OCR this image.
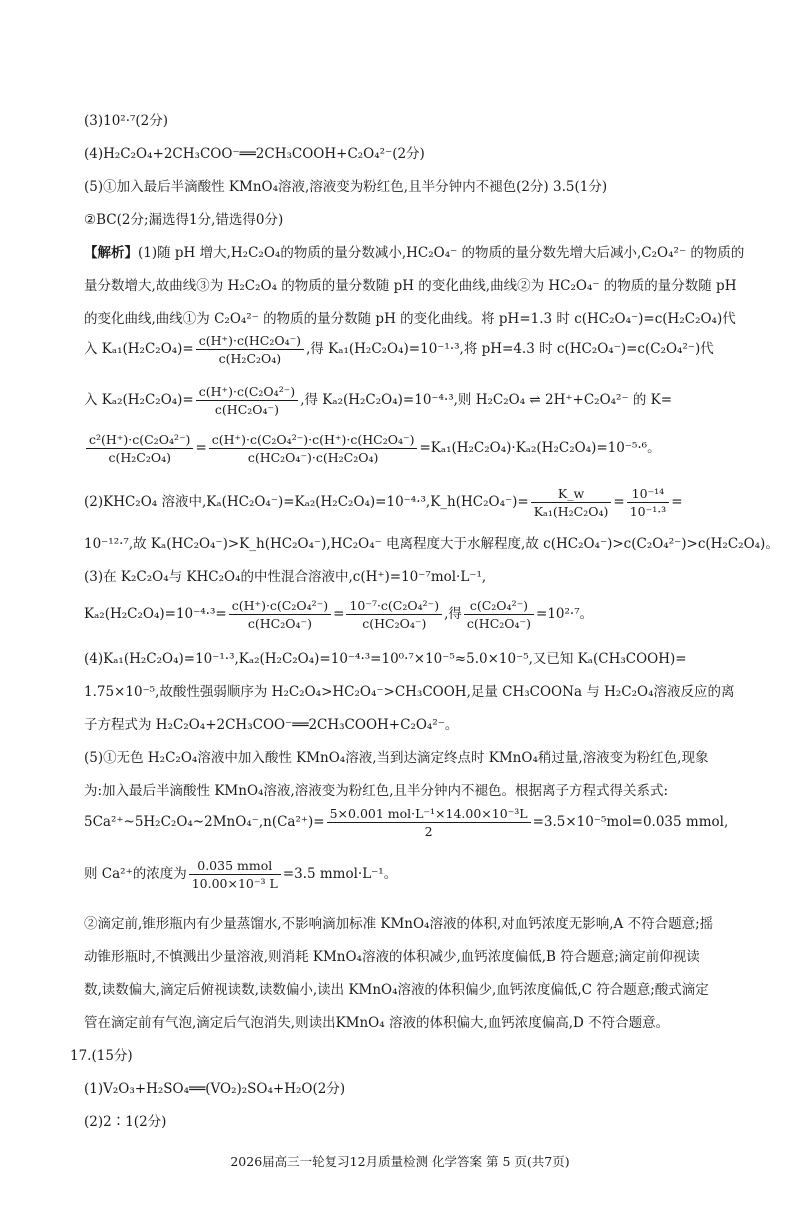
(3)10²·⁷(2分)
(4)H₂C₂O₄+2CH₃COO⁻══2CH₃COOH+C₂O₄²⁻(2分)
(5)①加入最后半滴酸性 KMnO₄溶液,溶液变为粉红色,且半分钟内不褪色(2分) 3.5(1分)
②BC(2分;漏选得1分,错选得0分)
【解析】(1)随 pH 增大,H₂C₂O₄的物质的量分数减小,HC₂O₄⁻ 的物质的量分数先增大后减小,C₂O₄²⁻ 的物质的
量分数增大,故曲线③为 H₂C₂O₄ 的物质的量分数随 pH 的变化曲线,曲线②为 HC₂O₄⁻ 的物质的量分数随 pH
的变化曲线,曲线①为 C₂O₄²⁻ 的物质的量分数随 pH 的变化曲线。将 pH=1.3 时 c(HC₂O₄⁻)=c(H₂C₂O₄)代
入 $K_{a1}(H_2C_2O_4)= \frac{\text{c(H⁺)·c(HC₂O₄⁻)}}{\text{c(H₂C₂O₄)}}$ ,得 Kₐ₁(H₂C₂O₄)=10⁻¹·³,将 pH=4.3 时 c(HC₂O₄⁻)=c(C₂O₄²⁻)代
入 $K_{a2}(H_2C_2O_4)= \frac{\text{c(H⁺)·c(C₂O₄²⁻)}}{\text{c(HC₂O₄⁻)}}$ ,得 Kₐ₂(H₂C₂O₄)=10⁻⁴·³,则 H₂C₂O₄ ⇌ 2H⁺+C₂O₄²⁻ 的 K=
$\frac{\text{c²(H⁺)·c(C₂O₄²⁻)}}{\text{c(H₂C₂O₄)}} = \frac{\text{c(H⁺)·c(C₂O₄²⁻)·c(H⁺)·c(HC₂O₄⁻)}}{\text{c(HC₂O₄⁻)·c(H₂C₂O₄)}} =K_{a1}(H_2C_2O_4)\cdot K_{a2}(H_2C_2O_4)=10^{-5}\cdot^6$。
(2)KHC₂O₄ 溶液中,Kₐ(HC₂O₄⁻)=Kₐ₂(H₂C₂O₄)=10⁻⁴·³,K_h(HC₂O₄⁻)= $\frac{K\_w}{\text{Kₐ₁(H₂C₂O₄)}} = \frac{\text{10⁻¹⁴}}{\text{10⁻¹·³}}$ =
10⁻¹²·⁷,故 Kₐ(HC₂O₄⁻)>K_h(HC₂O₄⁻),HC₂O₄⁻ 电离程度大于水解程度,故 c(HC₂O₄⁻)>c(C₂O₄²⁻)>c(H₂C₂O₄)。
(3)在 K₂C₂O₄与 KHC₂O₄的中性混合溶液中,c(H⁺)=10⁻⁷mol·L⁻¹,
$K_{a2}(H_2C_2O_4)=10^{-4}\cdot^3= \frac{\text{c(H⁺)·c(C₂O₄²⁻)}}{\text{c(HC₂O₄⁻)}} = \frac{\text{10⁻⁷·c(C₂O₄²⁻)}}{\text{c(HC₂O₄⁻)}}$ ,得 $\frac{\text{c(C₂O₄²⁻)}}{\text{c(HC₂O₄⁻)}} =10^2\cdot^7$。
(4)Kₐ₁(H₂C₂O₄)=10⁻¹·³,Kₐ₂(H₂C₂O₄)=10⁻⁴·³=10⁰·⁷×10⁻⁵≈5.0×10⁻⁵,又已知 Kₐ(CH₃COOH)=
1.75×10⁻⁵,故酸性强弱顺序为 H₂C₂O₄>HC₂O₄⁻>CH₃COOH,足量 CH₃COONa 与 H₂C₂O₄溶液反应的离
子方程式为 H₂C₂O₄+2CH₃COO⁻══2CH₃COOH+C₂O₄²⁻。
(5)①无色 H₂C₂O₄溶液中加入酸性 KMnO₄溶液,当到达滴定终点时 KMnO₄稍过量,溶液变为粉红色,现象
为:加入最后半滴酸性 KMnO₄溶液,溶液变为粉红色,且半分钟内不褪色。根据离子方程式得关系式:
5Ca²⁺~5H₂C₂O₄~2MnO₄⁻,n(Ca²⁺)= $\frac{\text{5×0.001 mol·L⁻¹×14.00×10⁻³L}}{2} =3.5\times 10^{-5}mol=0.035$ mmol,
则 Ca²⁺的浓度为 $\frac{\text{0.035 mmol}}{\text{10.00×10⁻³ L}} =3.5$ mmol·L⁻¹。
②滴定前,锥形瓶内有少量蒸馏水,不影响滴加标准 KMnO₄溶液的体积,对血钙浓度无影响,A 不符合题意;摇
动锥形瓶时,不慎溅出少量溶液,则消耗 KMnO₄溶液的体积减少,血钙浓度偏低,B 符合题意;滴定前仰视读
数,读数偏大,滴定后俯视读数,读数偏小,读出 KMnO₄溶液的体积偏少,血钙浓度偏低,C 符合题意;酸式滴定
管在滴定前有气泡,滴定后气泡消失,则读出KMnO₄ 溶液的体积偏大,血钙浓度偏高,D 不符合题意。
17.(15分)
(1)V₂O₃+H₂SO₄══(VO₂)₂SO₄+H₂O(2分)
(2)2∶1(2分)
2026届高三一轮复习12月质量检测 化学答案 第 5 页(共7页)
